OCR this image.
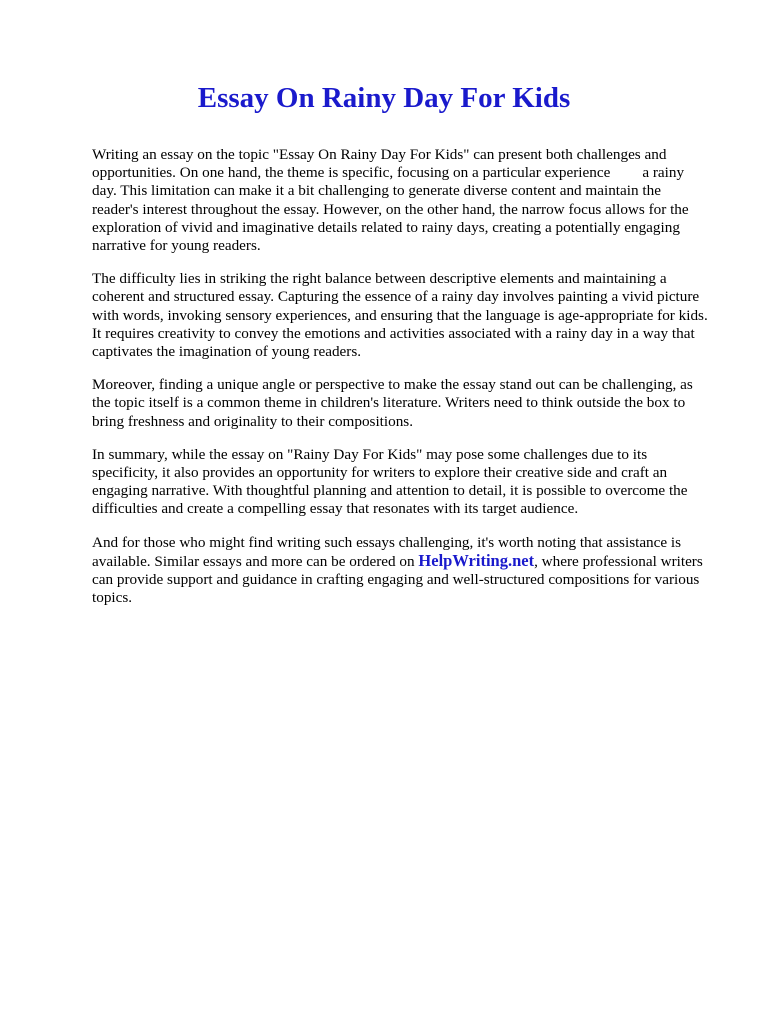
Essay On Rainy Day For Kids

Writing an essay on the topic "Essay On Rainy Day For Kids" can present both challenges and
opportunities. On one hand, the theme is specific, focusing on a particular experience a rainy
day. This limitation can make it a bit challenging to generate diverse content and maintain the
reader's interest throughout the essay. However, on the other hand, the narrow focus allows for the
exploration of vivid and imaginative details related to rainy days, creating a potentially engaging
narrative for young readers.

The difficulty lies in striking the right balance between descriptive elements and maintaining a
coherent and structured essay. Capturing the essence of a rainy day involves painting a vivid picture
with words, invoking sensory experiences, and ensuring that the language is age-appropriate for kids.
It requires creativity to convey the emotions and activities associated with a rainy day in a way that
captivates the imagination of young readers.

Moreover, finding a unique angle or perspective to make the essay stand out can be challenging, as
the topic itself is a common theme in children's literature. Writers need to think outside the box to
bring freshness and originality to their compositions.

In summary, while the essay on "Rainy Day For Kids" may pose some challenges due to its
specificity, it also provides an opportunity for writers to explore their creative side and craft an
engaging narrative. With thoughtful planning and attention to detail, it is possible to overcome the
difficulties and create a compelling essay that resonates with its target audience.

And for those who might find writing such essays challenging, it's worth noting that assistance is
available. Similar essays and more can be ordered on HelpWriting.net, where professional writers
can provide support and guidance in crafting engaging and well-structured compositions for various
topics.
